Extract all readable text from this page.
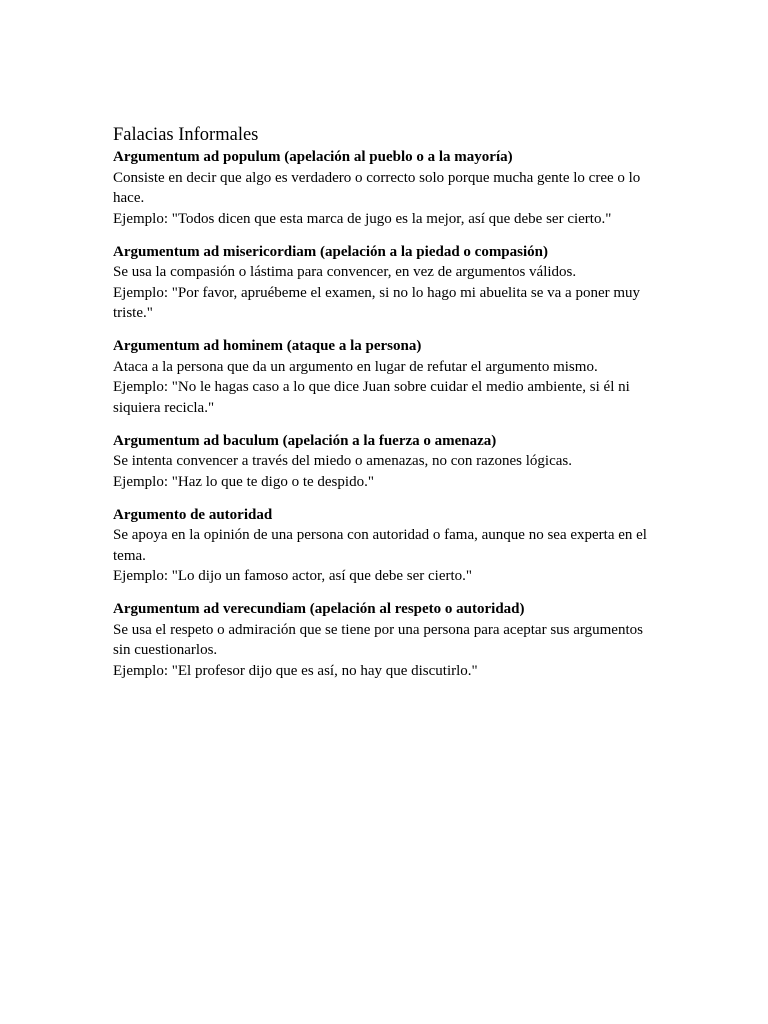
Falacias Informales

Argumentum ad populum (apelación al pueblo o a la mayoría)

Consiste en decir que algo es verdadero o correcto solo porque mucha gente lo cree o lo hace.

Ejemplo: "Todos dicen que esta marca de jugo es la mejor, así que debe ser cierto."

Argumentum ad misericordiam (apelación a la piedad o compasión)

Se usa la compasión o lástima para convencer, en vez de argumentos válidos.

Ejemplo: "Por favor, apruébeme el examen, si no lo hago mi abuelita se va a poner muy triste."

Argumentum ad hominem (ataque a la persona)

Ataca a la persona que da un argumento en lugar de refutar el argumento mismo.

Ejemplo: "No le hagas caso a lo que dice Juan sobre cuidar el medio ambiente, si él ni siquiera recicla."

Argumentum ad baculum (apelación a la fuerza o amenaza)

Se intenta convencer a través del miedo o amenazas, no con razones lógicas.

Ejemplo: "Haz lo que te digo o te despido."

Argumento de autoridad

Se apoya en la opinión de una persona con autoridad o fama, aunque no sea experta en el tema.

Ejemplo: "Lo dijo un famoso actor, así que debe ser cierto."

Argumentum ad verecundiam (apelación al respeto o autoridad)

Se usa el respeto o admiración que se tiene por una persona para aceptar sus argumentos sin cuestionarlos.

Ejemplo: "El profesor dijo que es así, no hay que discutirlo."
